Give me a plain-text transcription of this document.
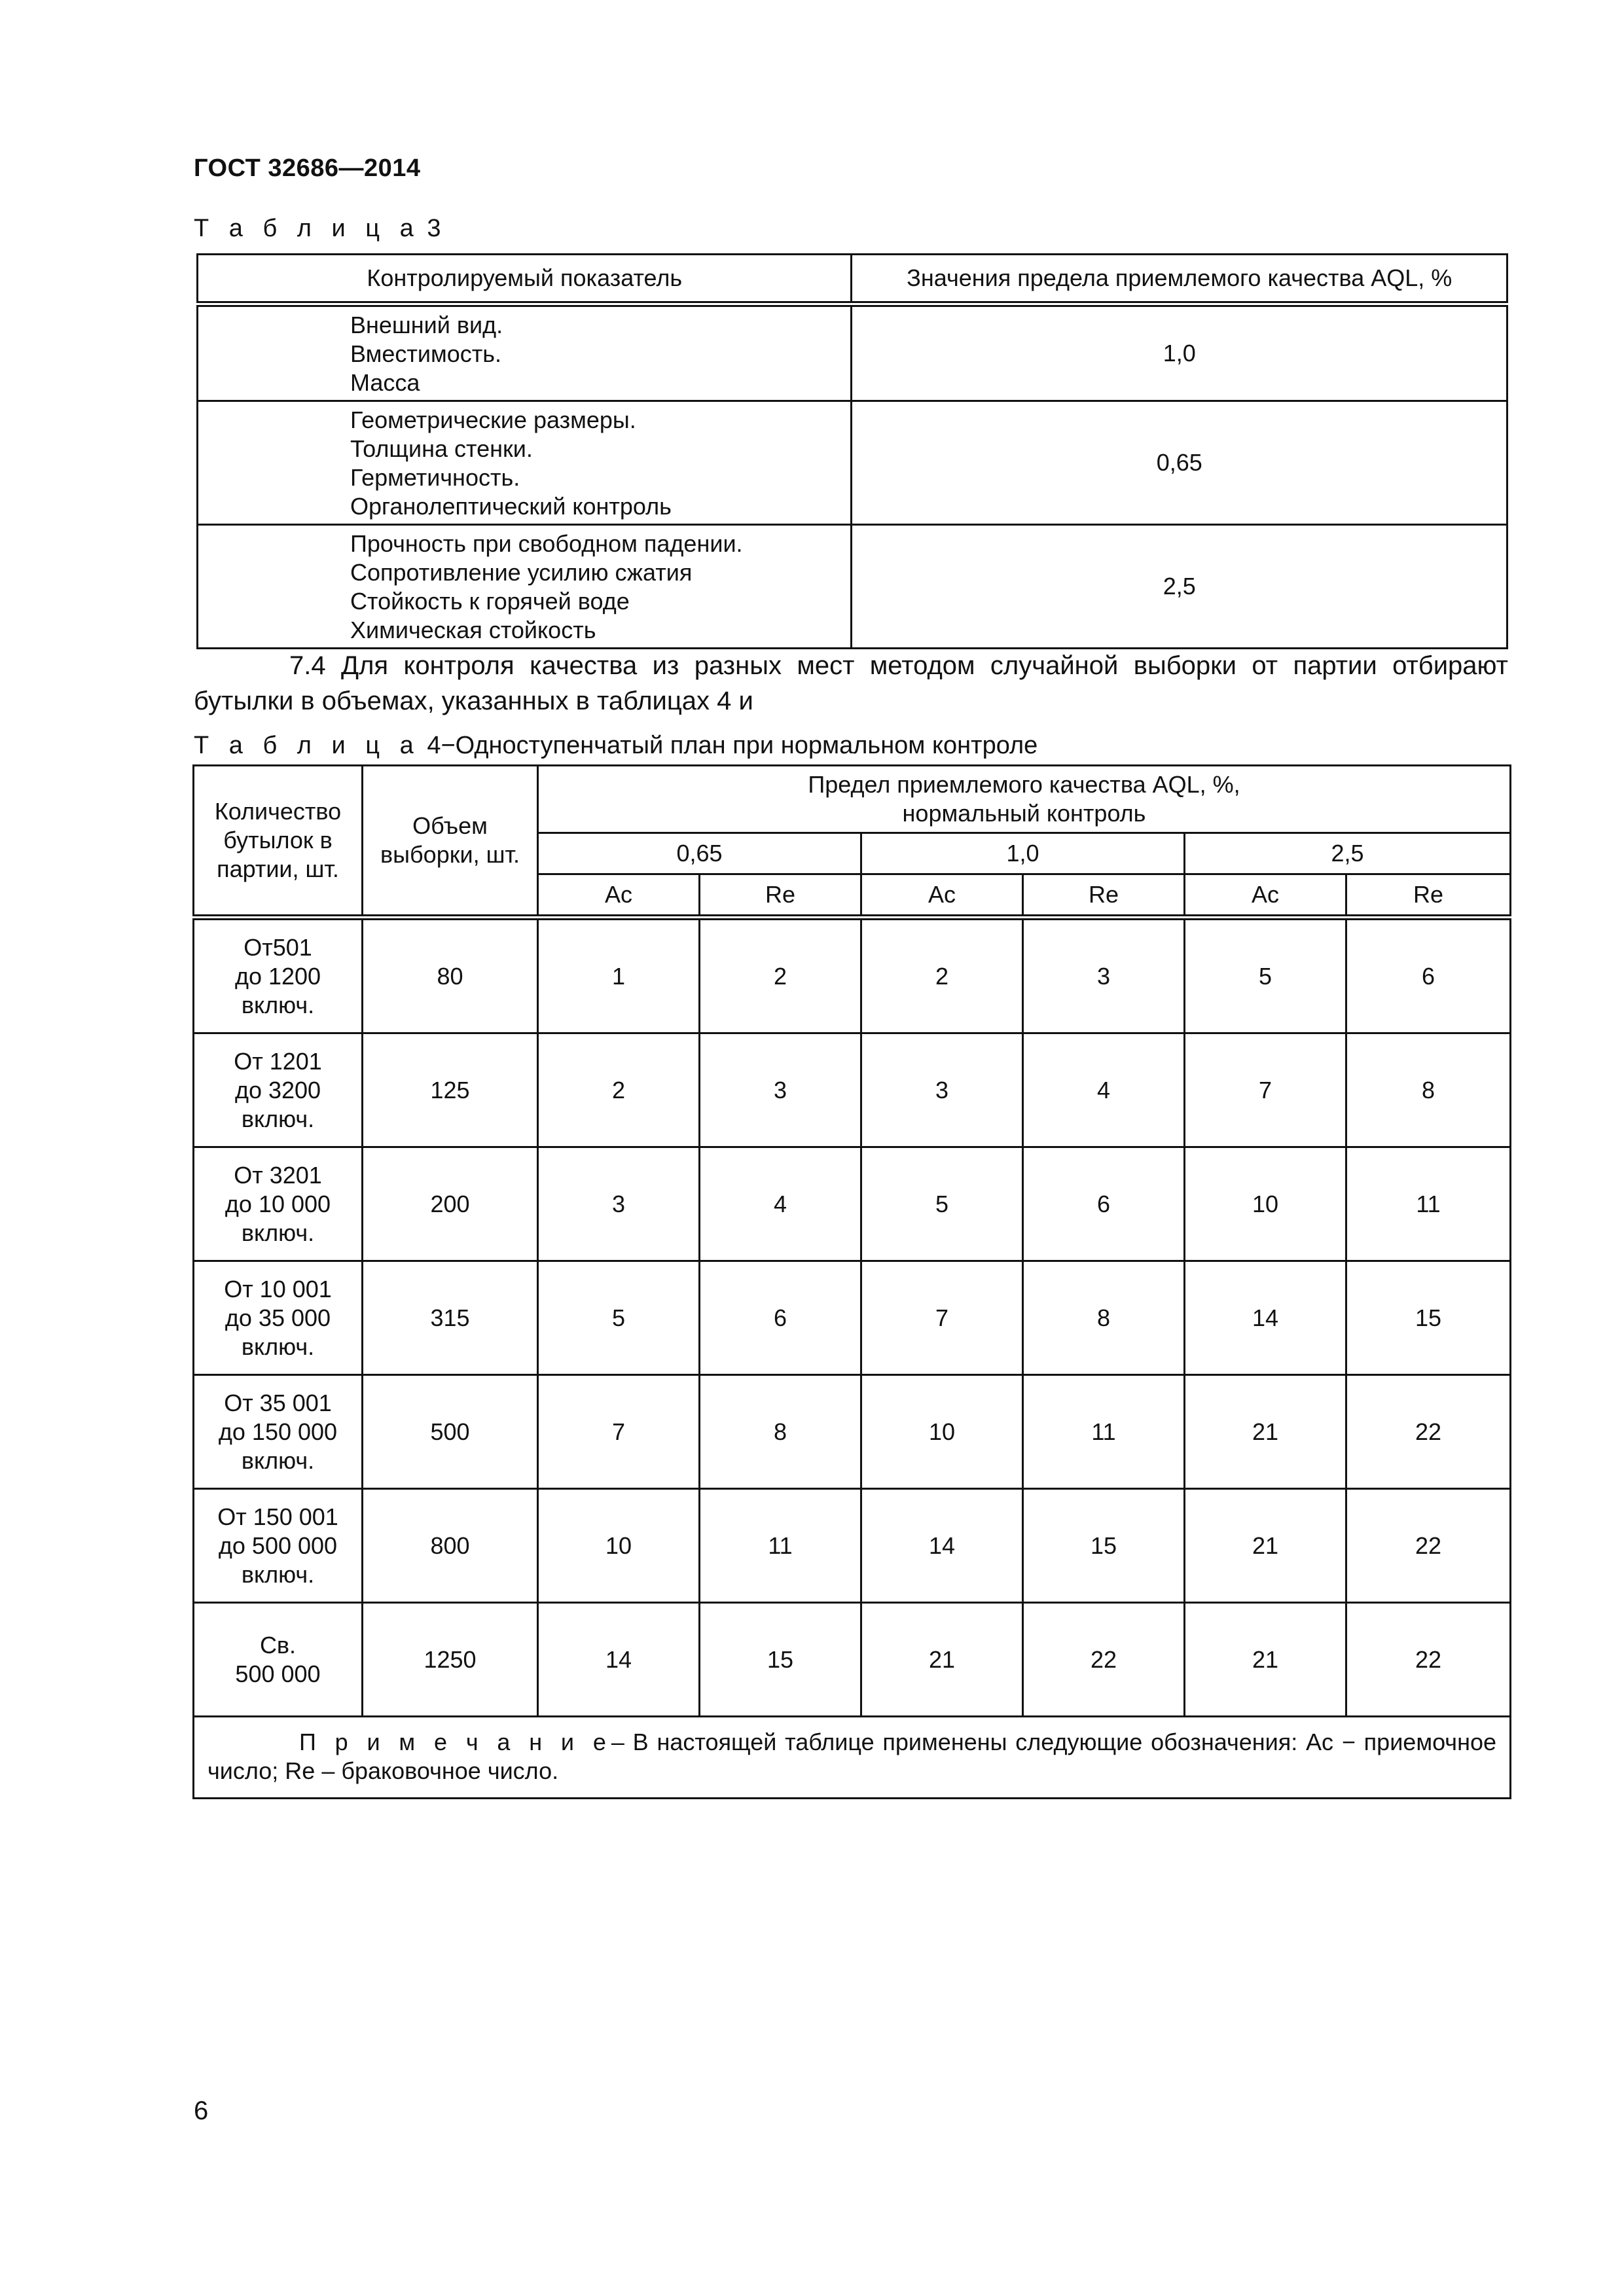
ГОСТ 32686—2014
Т а б л и ц а 3
Контролируемый показатель	Значения предела приемлемого качества AQL, %

Внешний вид.
Вместимость.
Масса	1,0

Геометрические размеры.
Толщина стенки.
Герметичность.
Органолептический контроль	0,65

Прочность при свободном падении.
Сопротивление усилию сжатия
Стойкость к горячей воде
Химическая стойкость	2,5
7.4 Для контроля качества из разных мест методом случайной выборки от партии отбирают бутылки в объемах, указанных в таблицах 4 и
Т а б л и ц а 4−Одноступенчатый план при нормальном контроле
Количество бутылок в партии, шт.	Объем выборки, шт.	Предел приемлемого качества AQL, %, нормальный контроль					
		0,65		1,0		2,5	
		Ac	Re	Ac	Re	Ac	Re

От501
до 1200
включ.	80	1	2	2	3	5	6

От 1201
до 3200
включ.	125	2	3	3	4	7	8

От 3201
до 10 000
включ.	200	3	4	5	6	10	11

От 10 001
до 35 000
включ.	315	5	6	7	8	14	15

От 35 001
до 150 000
включ.	500	7	8	10	11	21	22

От 150 001
до 500 000
включ.	800	10	11	14	15	21	22

Св.
500 000	1250	14	15	21	22	21	22

П р и м е ч а н и е– В настоящей таблице применены следующие обозначения: Ac − приемочное число; Re – браковочное число.							
6
